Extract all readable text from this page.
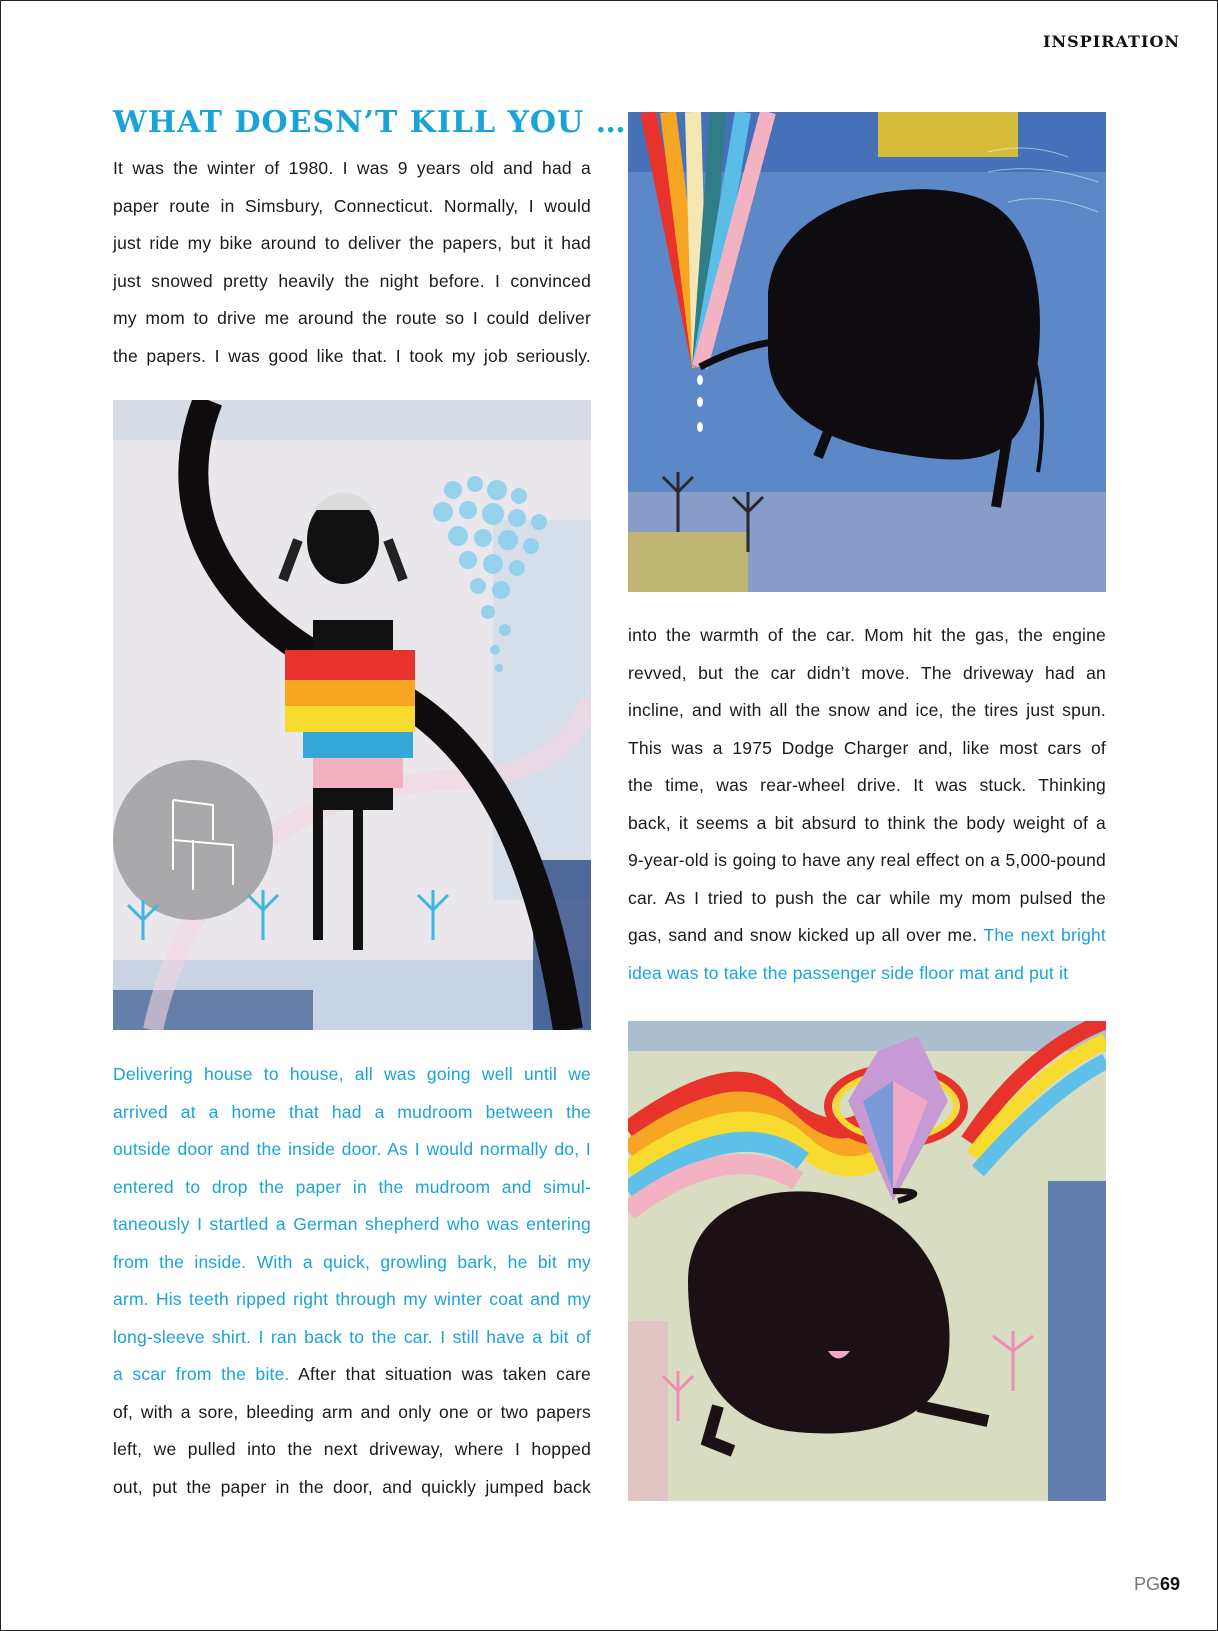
INSPIRATION
WHAT DOESN’T KILL YOU …

It was the winter of 1980. I was 9 years old and had a
paper route in Simsbury, Connecticut. Normally, I would
just ride my bike around to deliver the papers, but it had
just snowed pretty heavily the night before. I convinced
my mom to drive me around the route so I could deliver
the papers. I was good like that. I took my job seriously.

Delivering house to house, all was going well until we
arrived at a home that had a mudroom between the
outside door and the inside door. As I would normally do, I
entered to drop the paper in the mudroom and simul-
taneously I startled a German shepherd who was entering
from the inside. With a quick, growling bark, he bit my
arm. His teeth ripped right through my winter coat and my
long-sleeve shirt. I ran back to the car. I still have a bit of
a scar from the bite. After that situation was taken care
of, with a sore, bleeding arm and only one or two papers
left, we pulled into the next driveway, where I hopped
out, put the paper in the door, and quickly jumped back

into the warmth of the car. Mom hit the gas, the engine
revved, but the car didn’t move. The driveway had an
incline, and with all the snow and ice, the tires just spun.
This was a 1975 Dodge Charger and, like most cars of
the time, was rear-wheel drive. It was stuck. Thinking
back, it seems a bit absurd to think the body weight of a
9-year-old is going to have any real effect on a 5,000-pound
car. As I tried to push the car while my mom pulsed the
gas, sand and snow kicked up all over me. The next bright
idea was to take the passenger side floor mat and put it

PG69
